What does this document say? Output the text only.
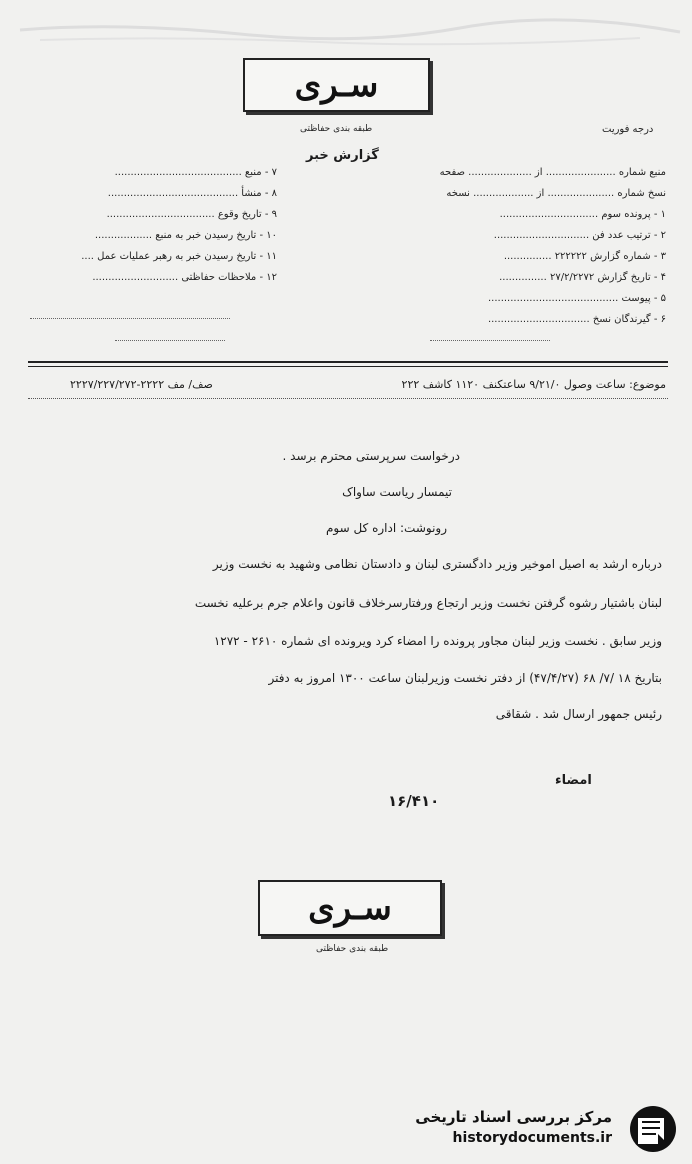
سـری
طبقه بندی حفاظتی	درجه فوریت
گزارش خبر
منبع شماره ...................... از .................... صفحه
نسخ شماره ..................... از ................... نسخه
۱ - پرونده سوم ...............................
۲ - ترتیب عدد فن ..............................
۳ - شماره گزارش ۲۲۲۲۲۲ ...............
۴ - تاریخ گزارش ۲۷/۲/۲۲۷۲ ...............
۵ - پیوست .........................................
۶ - گیرندگان نسخ ................................
۷ - منبع ........................................
۸ - منشأ .........................................
۹ - تاریخ وقوع ..................................
۱۰ - تاریخ رسیدن خبر به منبع ..................
۱۱ - تاریخ رسیدن خبر به رهبر عملیات عمل ....
۱۲ - ملاحظات حفاظتی ...........................
موضوع: ساعت وصول ۹/۲۱/۰ ساعتکنف ۱۱۲۰ کاشف ۲۲۲
صف/ مف ۲۲۲۲-۲۲۲۷/۲۲۷/۲۷۲
درخواست سرپرستی محترم برسد .
تیمسار ریاست ساواک
رونوشت: اداره کل سوم
درباره ارشد به اصیل اموخیر وزیر دادگستری لبنان و دادستان نظامی وشهید به نخست وزیر
لبنان باشتیار رشوه گرفتن نخست وزیر ارتجاع ورفتارسرخلاف قانون واعلام جرم برعلیه نخست
وزیر سابق . نخست وزیر لبنان مجاور پرونده را امضاء کرد ویرونده ای شماره ۲۶۱۰ - ۱۲۷۲
بتاریخ ۱۸ /۷/ ۶۸ (۴۷/۴/۲۷) از دفتر نخست وزیرلبنان ساعت ۱۳۰۰ امروز به دفتر
رئیس جمهور ارسال شد . شقاقی
امضاء
۱۶/۴۱۰
سـری
طبقه بندی حفاظتی
مرکز بررسی اسناد تاریخی
historydocuments.ir
